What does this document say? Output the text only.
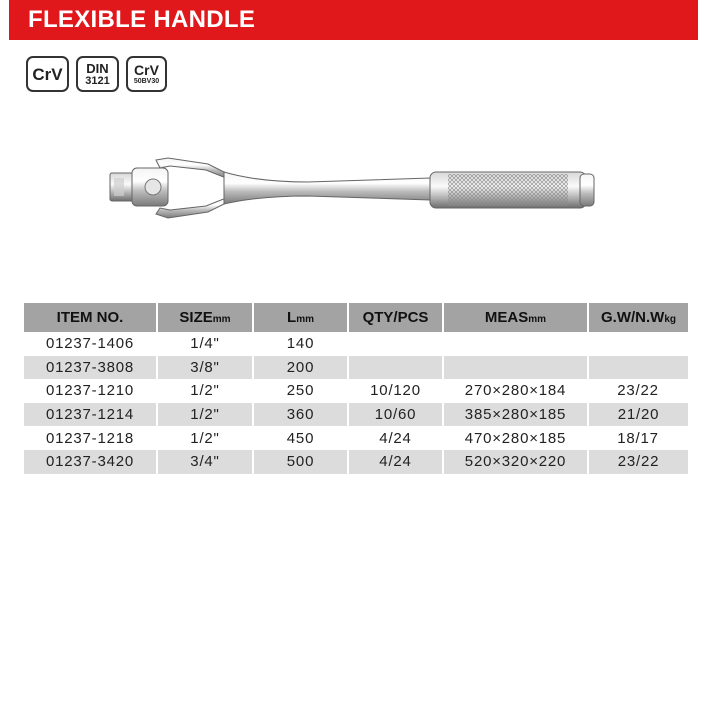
FLEXIBLE HANDLE
CrV DIN
3121
CrV
50BV30
ITEM NO.	SIZEmm	Lmm	QTY/PCS	MEASmm	G.W/N.Wkg
01237-1406	1/4"	140			
01237-3808	3/8"	200			
01237-1210	1/2"	250	10/120	270×280×184	23/22
01237-1214	1/2"	360	10/60	385×280×185	21/20
01237-1218	1/2"	450	4/24	470×280×185	18/17
01237-3420	3/4"	500	4/24	520×320×220	23/22
